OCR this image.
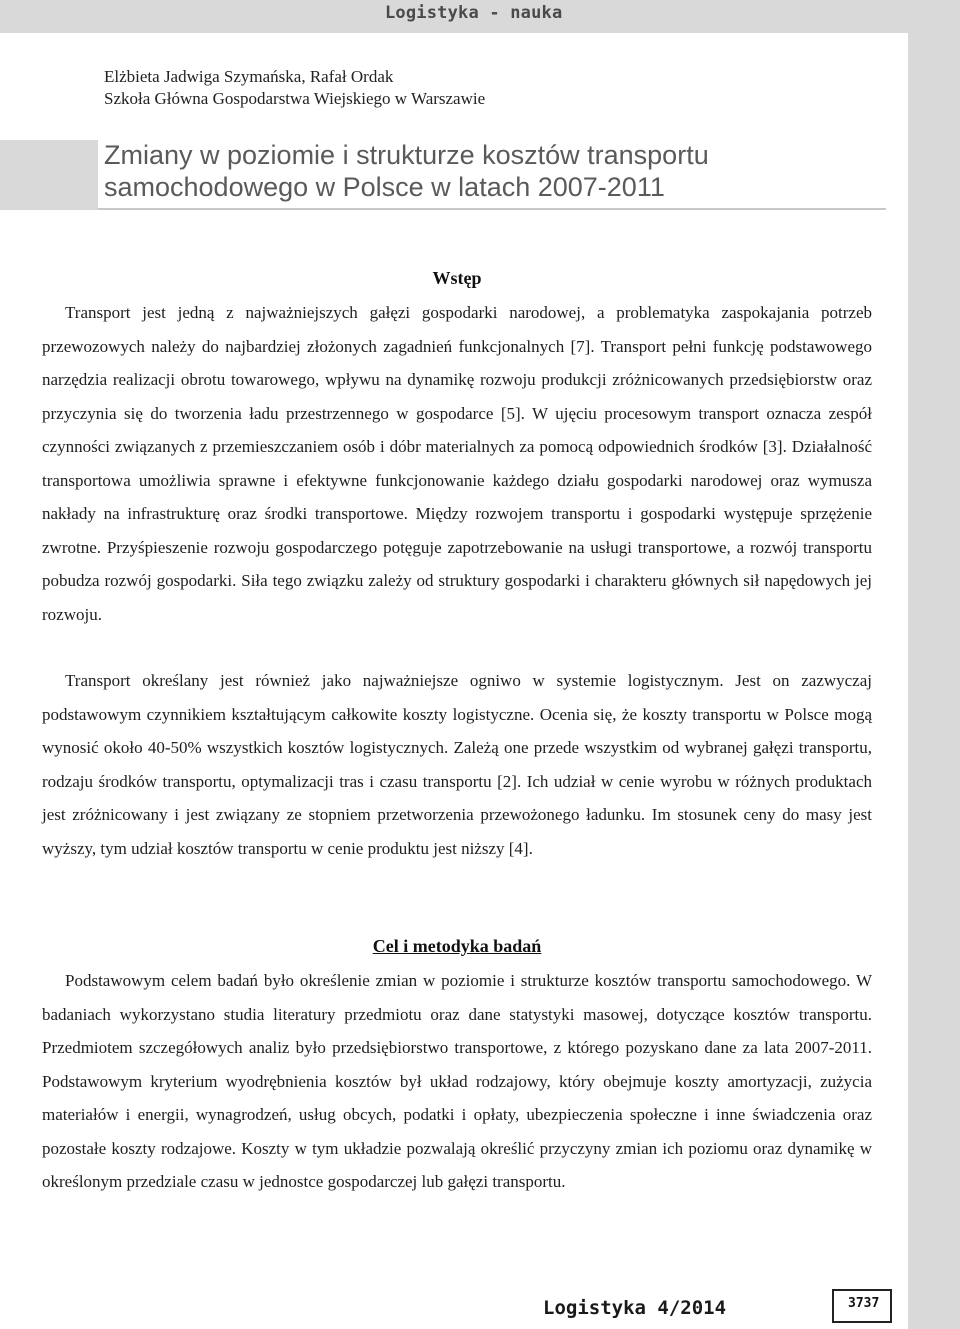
Logistyka - nauka
Elżbieta Jadwiga Szymańska, Rafał Ordak
Szkoła Główna Gospodarstwa Wiejskiego w Warszawie
Zmiany w poziomie i strukturze kosztów transportu
samochodowego w Polsce w latach 2007-2011
Wstęp

Transport jest jedną z najważniejszych gałęzi gospodarki narodowej, a problematyka zaspokajania potrzeb przewozowych należy do najbardziej złożonych zagadnień funkcjonalnych [7]. Transport pełni funkcję podstawowego narzędzia realizacji obrotu towarowego, wpływu na dynamikę rozwoju produkcji zróżnicowanych przedsiębiorstw oraz przyczynia się do tworzenia ładu przestrzennego w gospodarce [5]. W ujęciu procesowym transport oznacza zespół czynności związanych z przemieszczaniem osób i dóbr materialnych za pomocą odpowiednich środków [3]. Działalność transportowa umożliwia sprawne i efektywne funkcjonowanie każdego działu gospodarki narodowej oraz wymusza nakłady na infrastrukturę oraz środki transportowe. Między rozwojem transportu i gospodarki występuje sprzężenie zwrotne. Przyśpieszenie rozwoju gospodarczego potęguje zapotrzebowanie na usługi transportowe, a rozwój transportu pobudza rozwój gospodarki. Siła tego związku zależy od struktury gospodarki i charakteru głównych sił napędowych jej rozwoju.

Transport określany jest również jako najważniejsze ogniwo w systemie logistycznym. Jest on zazwyczaj podstawowym czynnikiem kształtującym całkowite koszty logistyczne. Ocenia się, że koszty transportu w Polsce mogą wynosić około 40-50% wszystkich kosztów logistycznych. Zależą one przede wszystkim od wybranej gałęzi transportu, rodzaju środków transportu, optymalizacji tras i czasu transportu [2]. Ich udział w cenie wyrobu w różnych produktach jest zróżnicowany i jest związany ze stopniem przetworzenia przewożonego ładunku. Im stosunek ceny do masy jest wyższy, tym udział kosztów transportu w cenie produktu jest niższy [4].

Cel i metodyka badań

Podstawowym celem badań było określenie zmian w poziomie i strukturze kosztów transportu samochodowego. W badaniach wykorzystano studia literatury przedmiotu oraz dane statystyki masowej, dotyczące kosztów transportu. Przedmiotem szczegółowych analiz było przedsiębiorstwo transportowe, z którego pozyskano dane za lata 2007-2011. Podstawowym kryterium wyodrębnienia kosztów był układ rodzajowy, który obejmuje koszty amortyzacji, zużycia materiałów i energii, wynagrodzeń, usług obcych, podatki i opłaty, ubezpieczenia społeczne i inne świadczenia oraz pozostałe koszty rodzajowe. Koszty w tym układzie pozwalają określić przyczyny zmian ich poziomu oraz dynamikę w określonym przedziale czasu w jednostce gospodarczej lub gałęzi transportu.

Logistyka 4/2014	3737
